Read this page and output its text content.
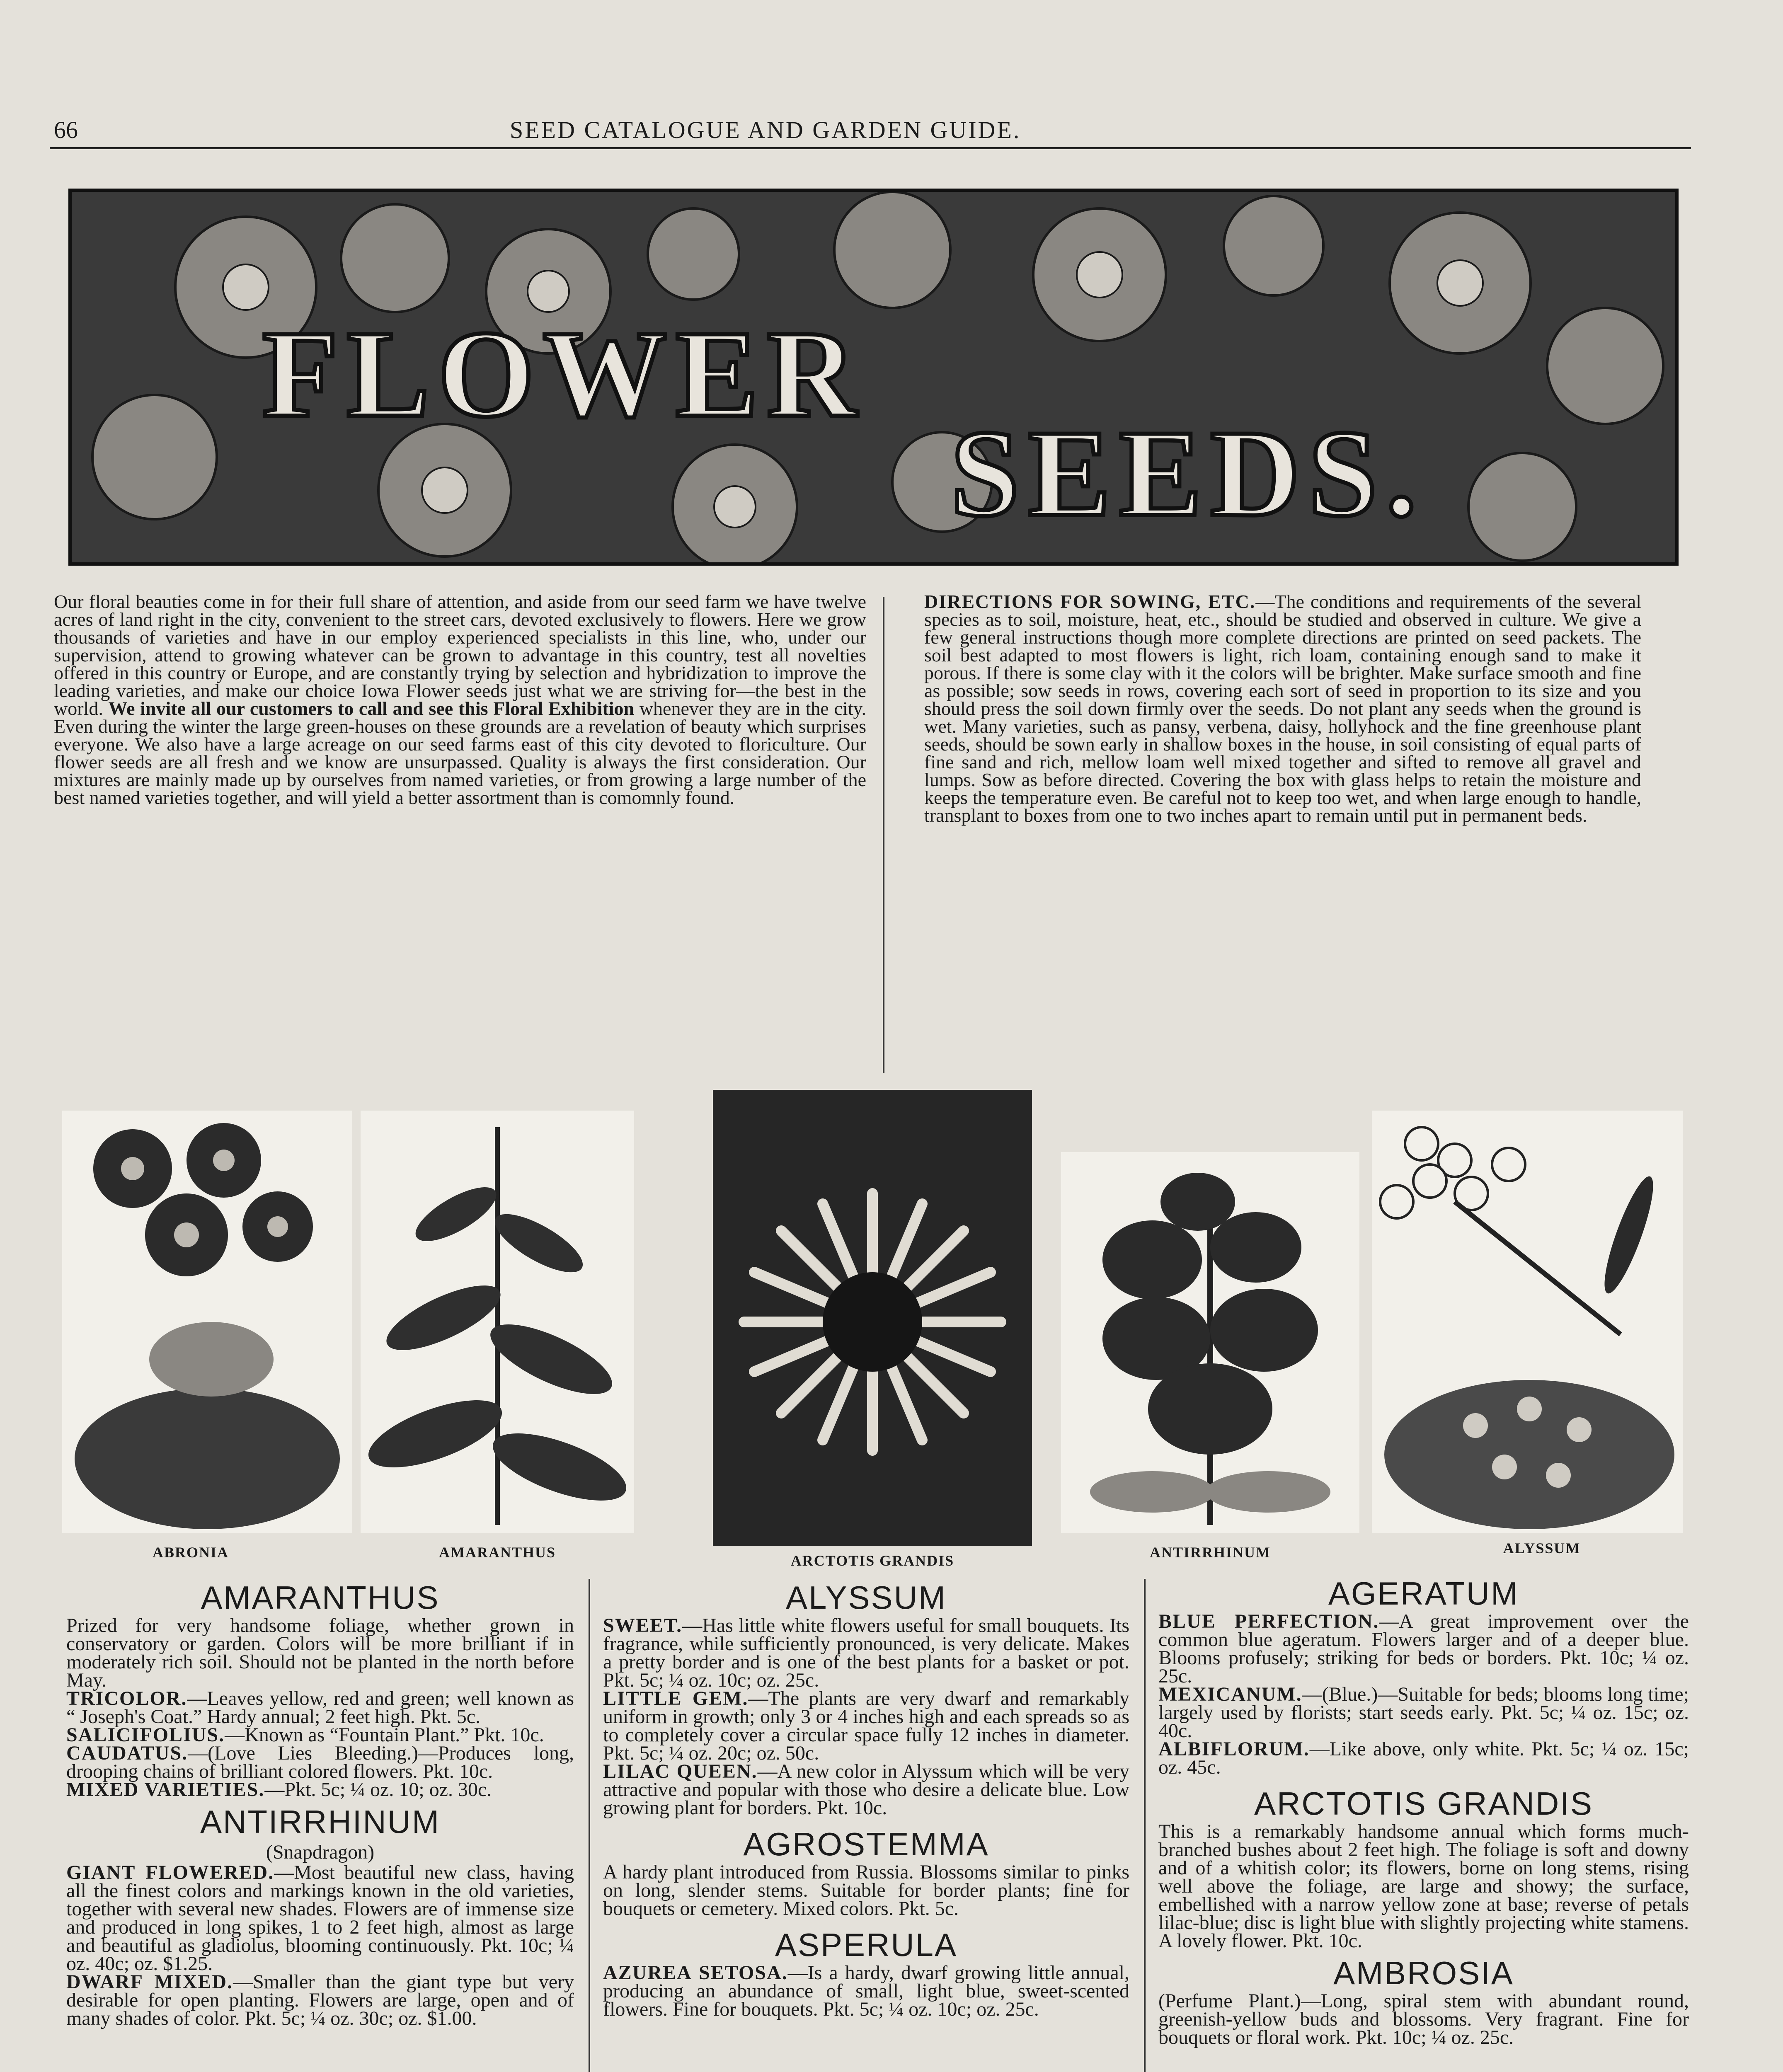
66	SEED CATALOGUE AND GARDEN GUIDE.
FLOWER
SEEDS.
Our floral beauties come in for their full share of attention, and aside from our seed farm we have twelve acres of land right in the city, convenient to the street cars, devoted exclusively to flowers. Here we grow thousands of varieties and have in our employ experienced specialists in this line, who, under our supervision, attend to growing whatever can be grown to advantage in this country, test all novelties offered in this country or Europe, and are constantly trying by selection and hybridization to improve the leading varieties, and make our choice Iowa Flower seeds just what we are striving for—the best in the world. We invite all our customers to call and see this Floral Exhibition whenever they are in the city. Even during the winter the large green-houses on these grounds are a revelation of beauty which surprises everyone. We also have a large acreage on our seed farms east of this city devoted to floriculture. Our flower seeds are all fresh and we know are unsurpassed. Quality is always the first consideration. Our mixtures are mainly made up by ourselves from named varieties, or from growing a large number of the best named varieties together, and will yield a better assortment than is comomnly found.
DIRECTIONS FOR SOWING, ETC.—The conditions and requirements of the several species as to soil, moisture, heat, etc., should be studied and observed in culture. We give a few general instructions though more complete directions are printed on seed packets. The soil best adapted to most flowers is light, rich loam, containing enough sand to make it porous. If there is some clay with it the colors will be brighter. Make surface smooth and fine as possible; sow seeds in rows, covering each sort of seed in proportion to its size and you should press the soil down firmly over the seeds. Do not plant any seeds when the ground is wet. Many varieties, such as pansy, verbena, daisy, hollyhock and the fine greenhouse plant seeds, should be sown early in shallow boxes in the house, in soil consisting of equal parts of fine sand and rich, mellow loam well mixed together and sifted to remove all gravel and lumps. Sow as before directed. Covering the box with glass helps to retain the moisture and keeps the temperature even. Be careful not to keep too wet, and when large enough to handle, transplant to boxes from one to two inches apart to remain until put in permanent beds.
ABRONIA	AMARANTHUS	ARCTOTIS GRANDIS	ANTIRRHINUM	ALYSSUM
AMARANTHUS

Prized for very handsome foliage, whether grown in conservatory or garden. Colors will be more brilliant if in moderately rich soil. Should not be planted in the north before May.

TRICOLOR.—Leaves yellow, red and green; well known as “ Joseph's Coat.” Hardy annual; 2 feet high. Pkt. 5c.

SALICIFOLIUS.—Known as “Fountain Plant.” Pkt. 10c.

CAUDATUS.—(Love Lies Bleeding.)—Produces long, drooping chains of brilliant colored flowers. Pkt. 10c.

MIXED VARIETIES.—Pkt. 5c; ¼ oz. 10; oz. 30c.

ANTIRRHINUM
(Snapdragon)

GIANT FLOWERED.—Most beautiful new class, having all the finest colors and markings known in the old varieties, together with several new shades. Flowers are of immense size and produced in long spikes, 1 to 2 feet high, almost as large and beautiful as gladiolus, blooming continuously. Pkt. 10c; ¼ oz. 40c; oz. $1.25.

DWARF MIXED.—Smaller than the giant type but very desirable for open planting. Flowers are large, open and of many shades of color. Pkt. 5c; ¼ oz. 30c; oz. $1.00.

ALYSSUM

SWEET.—Has little white flowers useful for small bouquets. Its fragrance, while sufficiently pronounced, is very delicate. Makes a pretty border and is one of the best plants for a basket or pot. Pkt. 5c; ¼ oz. 10c; oz. 25c.

LITTLE GEM.—The plants are very dwarf and remarkably uniform in growth; only 3 or 4 inches high and each spreads so as to completely cover a circular space fully 12 inches in diameter. Pkt. 5c; ¼ oz. 20c; oz. 50c.

LILAC QUEEN.—A new color in Alyssum which will be very attractive and popular with those who desire a delicate blue. Low growing plant for borders. Pkt. 10c.

AGROSTEMMA

A hardy plant introduced from Russia. Blossoms similar to pinks on long, slender stems. Suitable for border plants; fine for bouquets or cemetery. Mixed colors. Pkt. 5c.

ASPERULA

AZUREA SETOSA.—Is a hardy, dwarf growing little annual, producing an abundance of small, light blue, sweet-scented flowers. Fine for bouquets. Pkt. 5c; ¼ oz. 10c; oz. 25c.

AGERATUM

BLUE PERFECTION.—A great improvement over the common blue ageratum. Flowers larger and of a deeper blue. Blooms profusely; striking for beds or borders. Pkt. 10c; ¼ oz. 25c.

MEXICANUM.—(Blue.)—Suitable for beds; blooms long time; largely used by florists; start seeds early. Pkt. 5c; ¼ oz. 15c; oz. 40c.

ALBIFLORUM.—Like above, only white. Pkt. 5c; ¼ oz. 15c; oz. 45c.

ARCTOTIS GRANDIS

This is a remarkably handsome annual which forms much-branched bushes about 2 feet high. The foliage is soft and downy and of a whitish color; its flowers, borne on long stems, rising well above the foliage, are large and showy; the surface, embellished with a narrow yellow zone at base; reverse of petals lilac-blue; disc is light blue with slightly projecting white stamens. A lovely flower. Pkt. 10c.

AMBROSIA

(Perfume Plant.)—Long, spiral stem with abundant round, greenish-yellow buds and blossoms. Very fragrant. Fine for bouquets or floral work. Pkt. 10c; ¼ oz. 25c.
